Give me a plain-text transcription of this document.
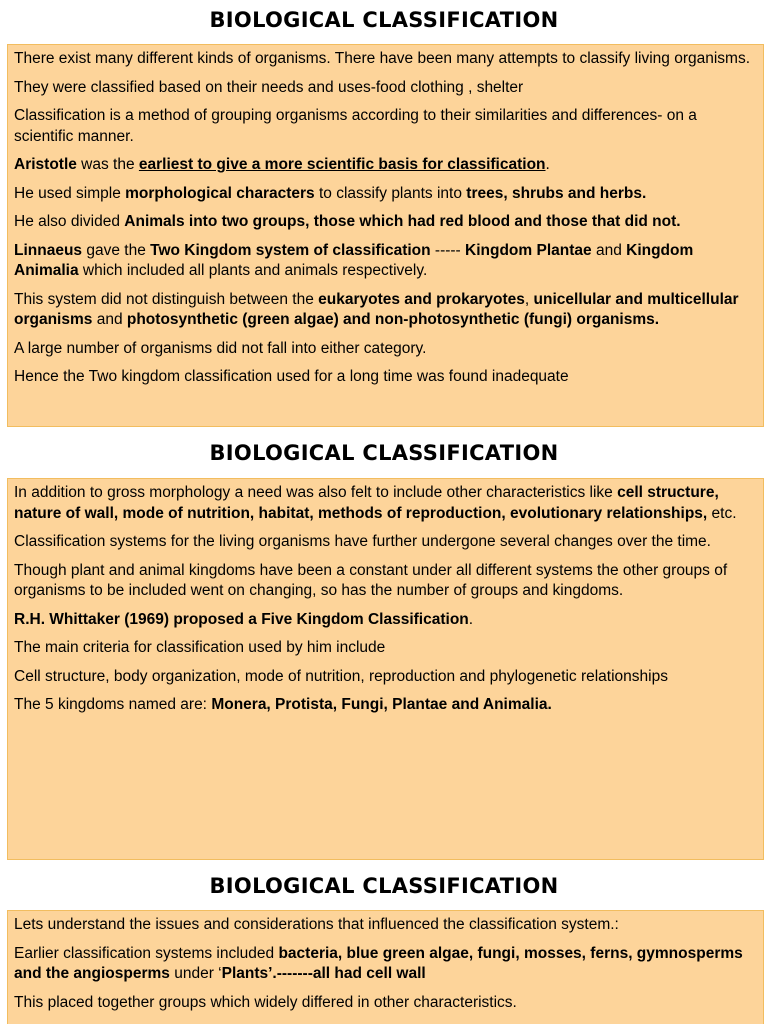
BIOLOGICAL CLASSIFICATION

There exist many different kinds of organisms. There have been many attempts to classify living organisms.

They were classified based on their needs and uses-food clothing , shelter

Classification is a method of grouping organisms according to their similarities and differences- on a scientific manner.

Aristotle was the earliest to give a more scientific basis for classification.

He used simple morphological characters to classify plants into trees, shrubs and herbs.

He also divided Animals into two groups, those which had red blood and those that did not.

Linnaeus gave the Two Kingdom system of classification ----- Kingdom Plantae and Kingdom Animalia which included all plants and animals respectively.

This system did not distinguish between the eukaryotes and prokaryotes, unicellular and multicellular organisms and photosynthetic (green algae) and non-photosynthetic (fungi) organisms.

A large number of organisms did not fall into either category.

Hence the Two kingdom classification used for a long time was found inadequate

BIOLOGICAL CLASSIFICATION

In addition to gross morphology a need was also felt to include other characteristics like cell structure, nature of wall, mode of nutrition, habitat, methods of reproduction, evolutionary relationships, etc.

Classification systems for the living organisms have further undergone several changes over the time.

Though plant and animal kingdoms have been a constant under all different systems the other groups of organisms to be included went on changing, so has the number of groups and kingdoms.

R.H. Whittaker (1969) proposed a Five Kingdom Classification.

The main criteria for classification used by him include

Cell structure, body organization, mode of nutrition, reproduction and phylogenetic relationships

The 5 kingdoms named are: Monera, Protista, Fungi, Plantae and Animalia.

BIOLOGICAL CLASSIFICATION

Lets understand the issues and considerations that influenced the classification system.:

Earlier classification systems included bacteria, blue green algae, fungi, mosses, ferns, gymnosperms and the angiosperms under ‘Plants’.-------all had cell wall

This placed together groups which widely differed in other characteristics.
